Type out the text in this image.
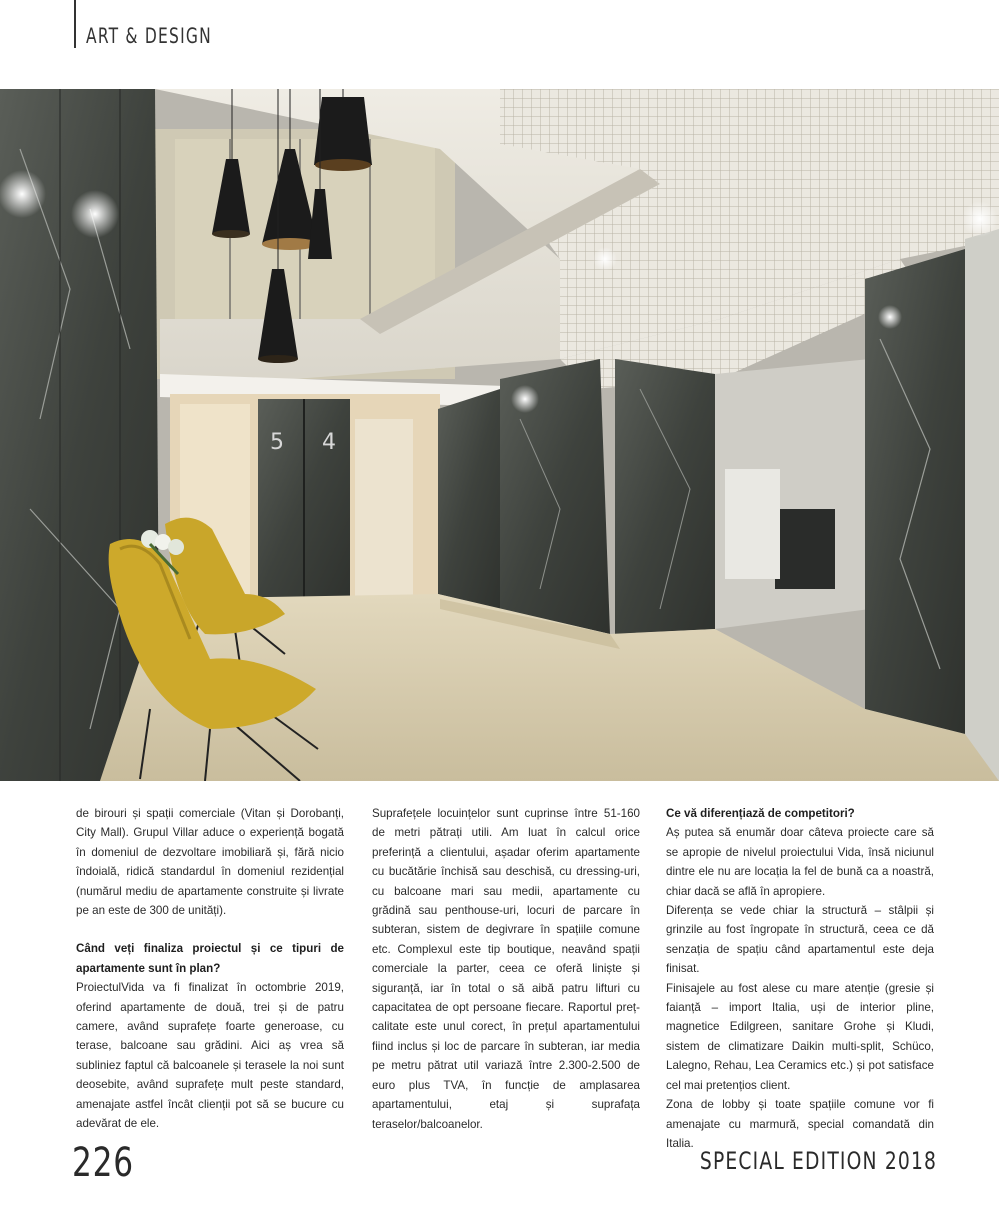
ART & DESIGN
5 4

de birouri și spații comerciale (Vitan și Dorobanți, City Mall). Grupul Villar aduce o experiență bogată în domeniul de dezvoltare imobiliară și, fără nicio îndoială, ridică standardul în domeniul rezidențial (numărul mediu de apartamente construite și livrate pe an este de 300 de unități).

Când veți finaliza proiectul și ce tipuri de apartamente sunt în plan?

ProiectulVida va fi finalizat în octombrie 2019, oferind apartamente de două, trei și de patru camere, având suprafețe foarte generoase, cu terase, balcoane sau grădini. Aici aș vrea să subliniez faptul că balcoanele și terasele la noi sunt deosebite, având suprafețe mult peste standard, amenajate astfel încât clienții pot să se bucure cu adevărat de ele.

Suprafețele locuințelor sunt cuprinse între 51-160 de metri pătrați utili. Am luat în calcul orice preferință a clientului, așadar oferim apartamente cu bucătărie închisă sau deschisă, cu dressing-uri, cu balcoane mari sau medii, apartamente cu grădină sau penthouse-uri, locuri de parcare în subteran, sistem de degivrare în spațiile comune etc. Complexul este tip boutique, neavând spații comerciale la parter, ceea ce oferă liniște și siguranță, iar în total o să aibă patru lifturi cu capacitatea de opt persoane fiecare. Raportul preț-calitate este unul corect, în prețul apartamentului fiind inclus și loc de parcare în subteran, iar media pe metru pătrat util variază între 2.300-2.500 de euro plus TVA, în funcție de amplasarea apartamentului, etaj și suprafața teraselor/balcoanelor.

Ce vă diferențiază de competitori?

Aș putea să enumăr doar câteva proiecte care să se apropie de nivelul proiectului Vida, însă niciunul dintre ele nu are locația la fel de bună ca a noastră, chiar dacă se află în apropiere.

Diferența se vede chiar la structură – stâlpii și grinzile au fost îngropate în structură, ceea ce dă senzația de spațiu când apartamentul este deja finisat.

Finisajele au fost alese cu mare atenție (gresie și faianță – import Italia, uși de interior pline, magnetice Edilgreen, sanitare Grohe și Kludi, sistem de climatizare Daikin multi-split, Schüco, Lalegno, Rehau, Lea Ceramics etc.) și pot satisface cel mai pretențios client.

Zona de lobby și toate spațiile comune vor fi amenajate cu marmură, special comandată din Italia.

226	SPECIAL EDITION 2018
